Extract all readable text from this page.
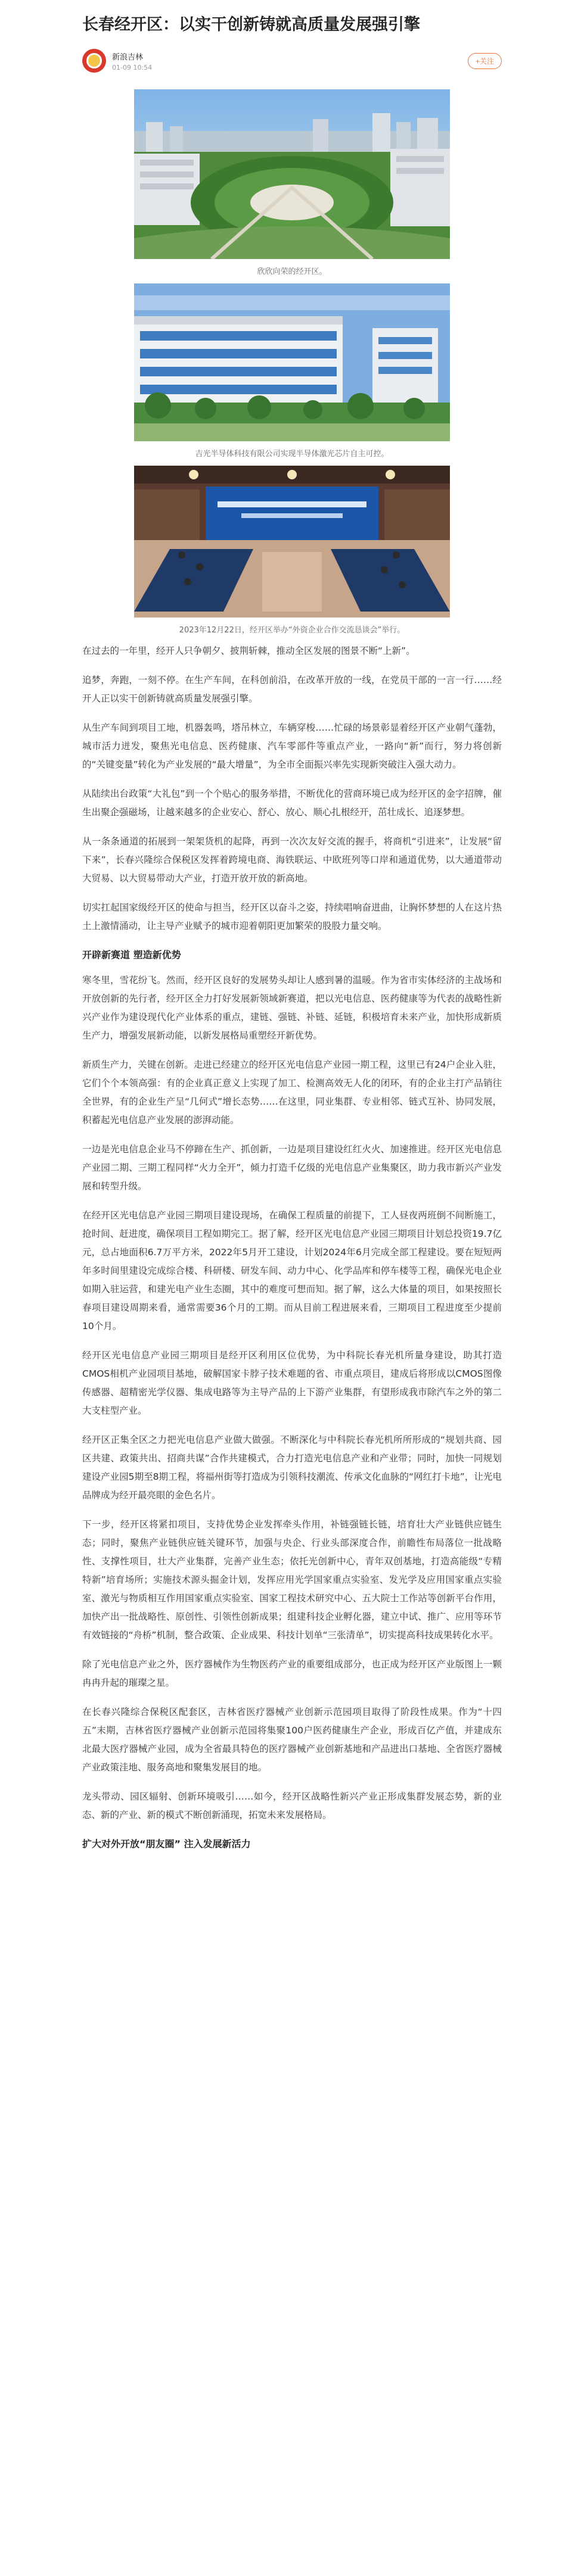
长春经开区：以实干创新铸就高质量发展强引擎
新浪吉林
01-09 10:54
+关注
欣欣向荣的经开区。
吉光半导体科技有限公司实现半导体激光芯片自主可控。
2023年12月22日，经开区举办“外资企业合作交流恳谈会”举行。

在过去的一年里，经开人只争朝夕、披荆斩棘，推动全区发展的图景不断“上新”。

追梦，奔跑，一刻不停。在生产车间，在科创前沿，在改革开放的一线，在党员干部的一言一行……经开人正以实干创新铸就高质量发展强引擎。

从生产车间到项目工地，机器轰鸣，塔吊林立，车辆穿梭……忙碌的场景彰显着经开区产业朝气蓬勃，城市活力迸发，聚焦光电信息、医药健康、汽车零部件等重点产业，一路向“新”而行，努力将创新的“关键变量”转化为产业发展的“最大增量”，为全市全面振兴率先实现新突破注入强大动力。

从陆续出台政策“大礼包”到一个个贴心的服务举措，不断优化的营商环境已成为经开区的金字招牌，催生出聚企强磁场，让越来越多的企业安心、舒心、放心、顺心扎根经开，茁壮成长、追逐梦想。

从一条条通道的拓展到一架架货机的起降，再到一次次友好交流的握手，将商机“引进来”，让发展“留下来”，长春兴隆综合保税区发挥着跨境电商、海铁联运、中欧班列等口岸和通道优势，以大通道带动大贸易、以大贸易带动大产业，打造开放开放的新高地。

切实扛起国家级经开区的使命与担当，经开区以奋斗之姿，持续唱响奋进曲，让胸怀梦想的人在这片热土上激情涌动，让主导产业赋予的城市迎着朝阳更加繁荣的股股力量交响。

开辟新赛道 塑造新优势

寒冬里，雪花纷飞。然而，经开区良好的发展势头却让人感到暑的温暖。作为省市实体经济的主战场和开放创新的先行者，经开区全力打好发展新领域新赛道，把以光电信息、医药健康等为代表的战略性新兴产业作为建设现代化产业体系的重点，建链、强链、补链、延链，积极培育未来产业，加快形成新质生产力，增强发展新动能，以新发展格局重塑经开新优势。

新质生产力，关键在创新。走进已经建立的经开区光电信息产业园一期工程，这里已有24户企业入驻，它们个个本领高强：有的企业真正意义上实现了加工、检测高效无人化的闭环，有的企业主打产品销往全世界，有的企业生产呈“几何式”增长态势……在这里，同业集群、专业相邻、链式互补、协同发展，积蓄起光电信息产业发展的澎湃动能。

一边是光电信息企业马不停蹄在生产、抓创新，一边是项目建设红红火火、加速推进。经开区光电信息产业园二期、三期工程同样“火力全开”，倾力打造千亿级的光电信息产业集聚区，助力我市新兴产业发展和转型升级。

在经开区光电信息产业园三期项目建设现场，在确保工程质量的前提下，工人昼夜两班倒不间断施工，抢时间、赶进度，确保项目工程如期完工。据了解，经开区光电信息产业园三期项目计划总投资19.7亿元，总占地面积6.7万平方米，2022年5月开工建设，计划2024年6月完成全部工程建设。要在短短两年多时间里建设完成综合楼、科研楼、研发车间、动力中心、化学品库和停车楼等工程，确保光电企业如期入驻运营，和建光电产业生态圈，其中的难度可想而知。据了解，这么大体量的项目，如果按照长春项目建设周期来看，通常需要36个月的工期。而从目前工程进展来看，三期项目工程进度至少提前10个月。

经开区光电信息产业园三期项目是经开区利用区位优势，为中科院长春光机所量身建设，助其打造CMOS相机产业园项目基地，破解国家卡脖子技术难题的省、市重点项目，建成后将形成以CMOS图像传感器、超精密光学仪器、集成电路等为主导产品的上下游产业集群，有望形成我市除汽车之外的第二大支柱型产业。

经开区正集全区之力把光电信息产业做大做强。不断深化与中科院长春光机所所形成的“规划共商、园区共建、政策共出、招商共谋”合作共建模式，合力打造光电信息产业和产业带；同时，加快一同规划建设产业园5期至8期工程，将福州街等打造成为引领科技潮流、传承文化血脉的“网红打卡地”，让光电品牌成为经开最亮眼的金色名片。

下一步，经开区将紧扣项目，支持优势企业发挥牵头作用，补链强链长链，培育壮大产业链供应链生态；同时，聚焦产业链供应链关键环节，加强与央企、行业头部深度合作，前瞻性布局落位一批战略性、支撑性项目，壮大产业集群，完善产业生态；依托光创新中心，青年双创基地，打造高能级“专精特新”培育场所；实施技术源头掘金计划，发挥应用光学国家重点实验室、发光学及应用国家重点实验室、激光与物质相互作用国家重点实验室、国家工程技术研究中心、五大院士工作站等创新平台作用，加快产出一批战略性、原创性、引领性创新成果；组建科技企业孵化器，建立中试、推广、应用等环节有效链接的“舟桥”机制，整合政策、企业成果、科技计划单“三张清单”，切实提高科技成果转化水平。

除了光电信息产业之外，医疗器械作为生物医药产业的重要组成部分，也正成为经开区产业版图上一颗冉冉升起的璀璨之星。

在长春兴隆综合保税区配套区，吉林省医疗器械产业创新示范园项目取得了阶段性成果。作为“十四五”末期，吉林省医疗器械产业创新示范园将集聚100户医药健康生产企业，形成百亿产值，并建成东北最大医疗器械产业园，成为全省最具特色的医疗器械产业创新基地和产品进出口基地、全省医疗器械产业政策洼地、服务高地和聚集发展目的地。

龙头带动、园区辐射、创新环境吸引……如今，经开区战略性新兴产业正形成集群发展态势，新的业态、新的产业、新的模式不断创新涌现，拓宽未来发展格局。

扩大对外开放“朋友圈” 注入发展新活力
